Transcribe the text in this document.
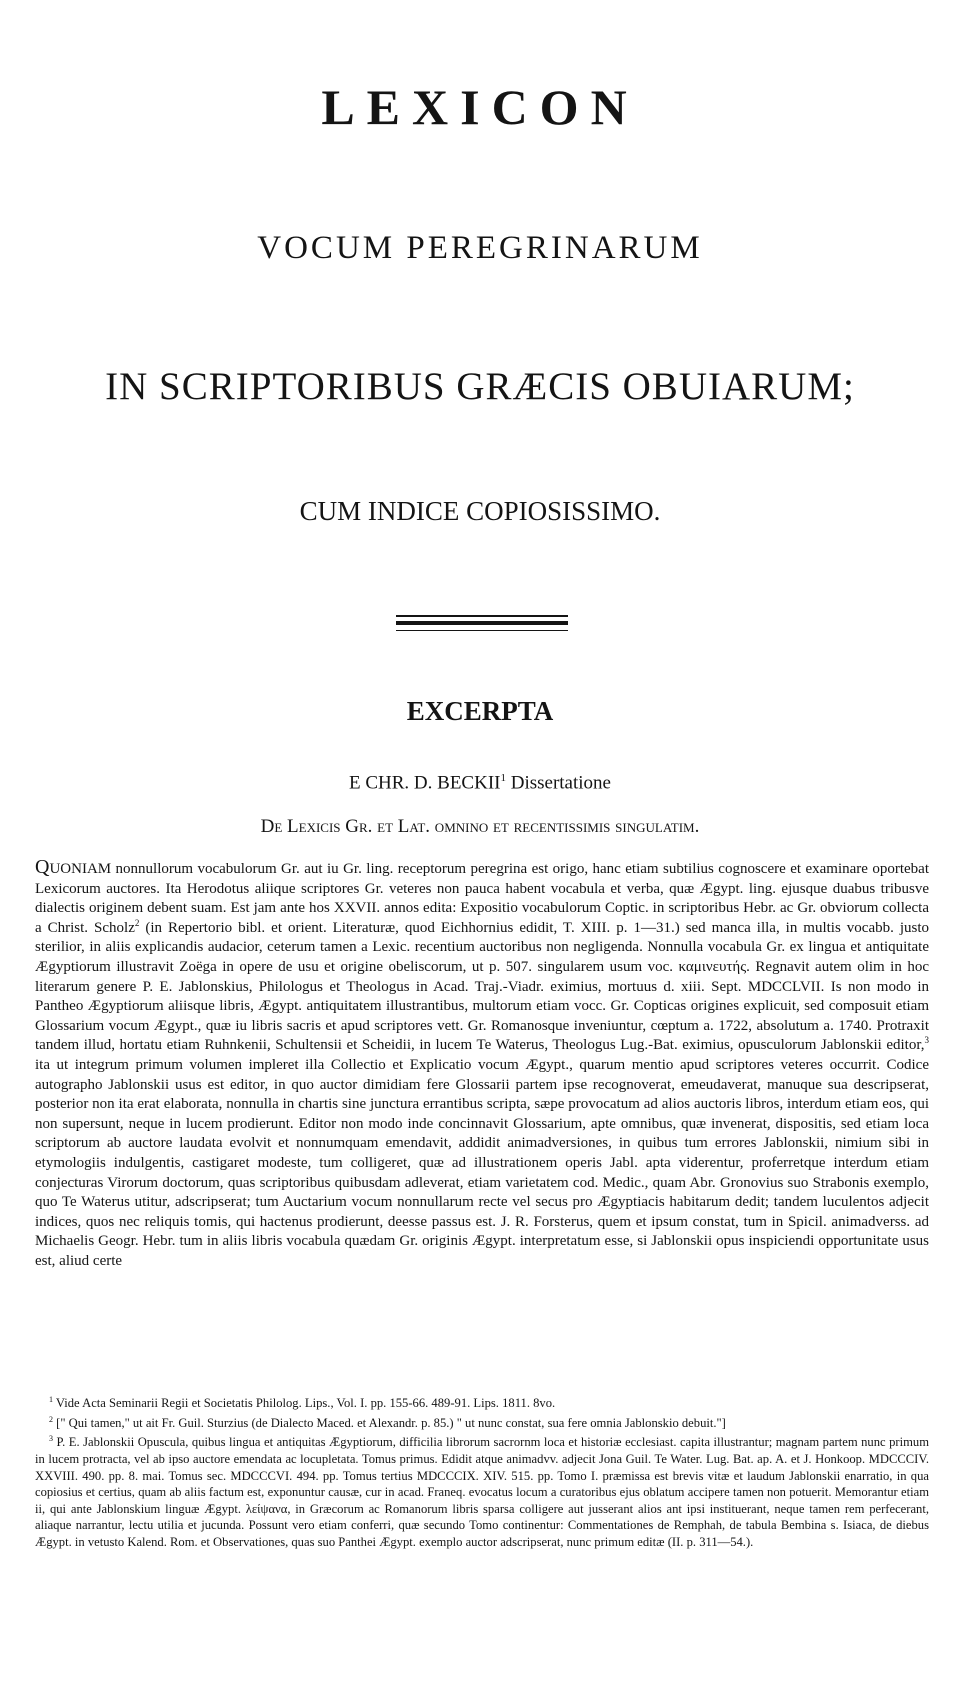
LEXICON
VOCUM PEREGRINARUM
IN SCRIPTORIBUS GRÆCIS OBUIARUM;
CUM INDICE COPIOSISSIMO.
EXCERPTA
E CHR. D. BECKII$^1$ Dissertatione
De Lexicis Gr. et Lat. omnino et recentissimis singulatim.
QUONIAM nonnullorum vocabulorum Gr. aut iu Gr. ling. receptorum peregrina est origo, hanc etiam subtilius cognoscere et examinare oportebat Lexicorum auctores. Ita Herodotus aliique scriptores Gr. veteres non pauca habent vocabula et verba, quæ Ægypt. ling. ejusque duabus tribusve dialectis originem debent suam. Est jam ante hos XXVII. annos edita: Expositio vocabulorum Coptic. in scriptoribus Hebr. ac Gr. obviorum collecta a Christ. Scholz$^2$ (in Repertorio bibl. et orient. Literaturæ, quod Eichhornius edidit, T. XIII. p. 1—31.) sed manca illa, in multis vocabb. justo sterilior, in aliis explicandis audacior, ceterum tamen a Lexic. recentium auctoribus non negligenda. Nonnulla vocabula Gr. ex lingua et antiquitate Ægyptiorum illustravit Zoëga in opere de usu et origine obeliscorum, ut p. 507. singularem usum voc. καμινευτής. Regnavit autem olim in hoc literarum genere P. E. Jablonskius, Philologus et Theologus in Acad. Traj.-Viadr. eximius, mortuus d. xiii. Sept. MDCCLVII. Is non modo in Pantheo Ægyptiorum aliisque libris, Ægypt. antiquitatem illustrantibus, multorum etiam vocc. Gr. Copticas origines explicuit, sed composuit etiam Glossarium vocum Ægypt., quæ iu libris sacris et apud scriptores vett. Gr. Romanosque inveniuntur, cœptum a. 1722, absolutum a. 1740. Protraxit tandem illud, hortatu etiam Ruhnkenii, Schultensii et Scheidii, in lucem Te Waterus, Theologus Lug.-Bat. eximius, opusculorum Jablonskii editor,$^3$ ita ut integrum primum volumen impleret illa Collectio et Explicatio vocum Ægypt., quarum mentio apud scriptores veteres occurrit. Codice autographo Jablonskii usus est editor, in quo auctor dimidiam fere Glossarii partem ipse recognoverat, emeudaverat, manuque sua descripserat, posterior non ita erat elaborata, nonnulla in chartis sine junctura errantibus scripta, sæpe provocatum ad alios auctoris libros, interdum etiam eos, qui non supersunt, neque in lucem prodierunt. Editor non modo inde concinnavit Glossarium, apte omnibus, quæ invenerat, dispositis, sed etiam loca scriptorum ab auctore laudata evolvit et nonnumquam emendavit, addidit animadversiones, in quibus tum errores Jablonskii, nimium sibi in etymologiis indulgentis, castigaret modeste, tum colligeret, quæ ad illustrationem operis Jabl. apta viderentur, proferretque interdum etiam conjecturas Virorum doctorum, quas scriptoribus quibusdam adleverat, etiam varietatem cod. Medic., quam Abr. Gronovius suo Strabonis exemplo, quo Te Waterus utitur, adscripserat; tum Auctarium vocum nonnullarum recte vel secus pro Ægyptiacis habitarum dedit; tandem luculentos adjecit indices, quos nec reliquis tomis, qui hactenus prodierunt, deesse passus est. J. R. Forsterus, quem et ipsum constat, tum in Spicil. animadverss. ad Michaelis Geogr. Hebr. tum in aliis libris vocabula quædam Gr. originis Ægypt. interpretatum esse, si Jablonskii opus inspiciendi opportunitate usus est, aliud certe

$^1$ Vide Acta Seminarii Regii et Societatis Philolog. Lips., Vol. I. pp. 155-66. 489-91. Lips. 1811. 8vo.

$^2$ [" Qui tamen," ut ait Fr. Guil. Sturzius (de Dialecto Maced. et Alexandr. p. 85.) " ut nunc constat, sua fere omnia Jablonskio debuit."]

$^3$ P. E. Jablonskii Opuscula, quibus lingua et antiquitas Ægyptiorum, difficilia librorum sacrornm loca et historiæ ecclesiast. capita illustrantur; magnam partem nunc primum in lucem protracta, vel ab ipso auctore emendata ac locupletata. Tomus primus. Edidit atque animadvv. adjecit Jona Guil. Te Water. Lug. Bat. ap. A. et J. Honkoop. MDCCCIV. XXVIII. 490. pp. 8. mai. Tomus sec. MDCCCVI. 494. pp. Tomus tertius MDCCCIX. XIV. 515. pp. Tomo I. præmissa est brevis vitæ et laudum Jablonskii enarratio, in qua copiosius et certius, quam ab aliis factum est, exponuntur causæ, cur in acad. Franeq. evocatus locum a curatoribus ejus oblatum accipere tamen non potuerit. Memorantur etiam ii, qui ante Jablonskium linguæ Ægypt. λείψανα, in Græcorum ac Romanorum libris sparsa colligere aut jusserant alios ant ipsi instituerant, neque tamen rem perfecerant, aliaque narrantur, lectu utilia et jucunda. Possunt vero etiam conferri, quæ secundo Tomo continentur: Commentationes de Remphah, de tabula Bembina s. Isiaca, de diebus Ægypt. in vetusto Kalend. Rom. et Observationes, quas suo Panthei Ægypt. exemplo auctor adscripserat, nunc primum editæ (II. p. 311—54.).
